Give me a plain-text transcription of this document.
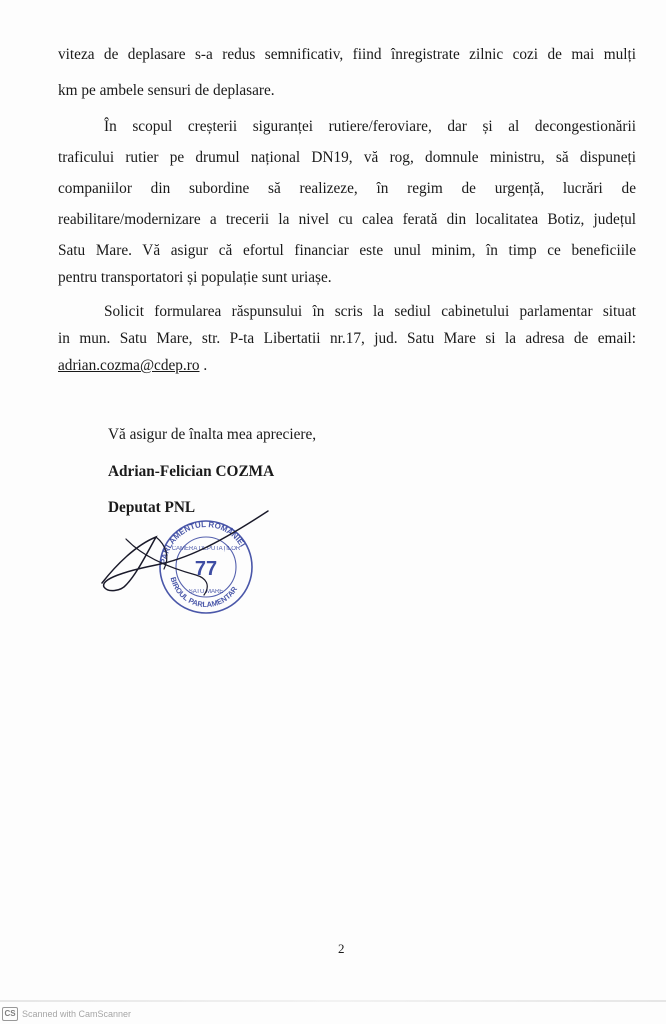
viteza de deplasare s-a redus semnificativ, fiind înregistrate zilnic cozi de mai mulți
km pe ambele sensuri de deplasare.
În scopul creșterii siguranței rutiere/feroviare, dar și al decongestionării
traficului rutier pe drumul național DN19, vă rog, domnule ministru, să dispuneți
companiilor din subordine să realizeze, în regim de urgență, lucrări de
reabilitare/modernizare a trecerii la nivel cu calea ferată din localitatea Botiz, județul
Satu Mare. Vă asigur că efortul financiar este unul minim, în timp ce beneficiile
pentru transportatori și populație sunt uriașe.
Solicit formularea răspunsului în scris la sediul cabinetului parlamentar situat
in mun. Satu Mare, str. P-ta Libertatii nr.17, jud. Satu Mare si la adresa de email:
adrian.cozma@cdep.ro .
Vă asigur de înalta mea apreciere,
Adrian-Felician COZMA
Deputat PNL
PARLAMENTUL ROMÂNIEI
BIROUL PARLAMENTAR
CAMERA DEPUTAȚILOR
SATU MARE
77
2
CS Scanned with CamScanner
